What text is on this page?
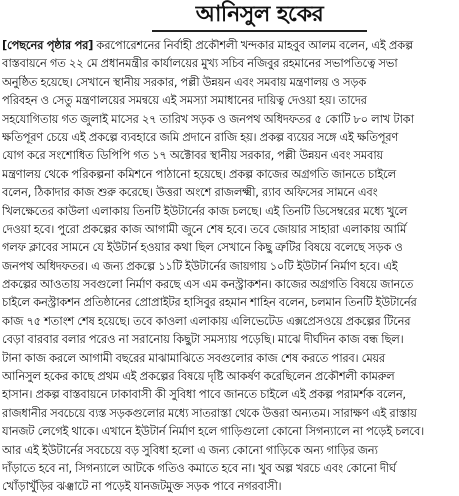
আনিসুল হকের
[পেছনের পৃষ্ঠার পর] করপোরেশনের নির্বাহী প্রকৌশলী খন্দকার মাহবুব আলম বলেন, এই প্রকল্প
বাস্তবায়নে গত ২২ মে প্রধানমন্ত্রীর কার্যালয়ের মুখ্য সচিব নজিবুর রহমানের সভাপতিত্বে সভা
অনুষ্ঠিত হয়েছে। সেখানে স্থানীয় সরকার, পল্লী উন্নয়ন এবং সমবায় মন্ত্রণালয় ও সড়ক
পরিবহন ও সেতু মন্ত্রণালয়ের সমন্বয়ে এই সমস্যা সমাধানের দায়িত্ব দেওয়া হয়। তাদের
সহযোগিতায় গত জুলাই মাসের ২৭ তারিখ সড়ক ও জনপথ অধিদফতর ৫ কোটি ৮০ লাখ টাকা
ক্ষতিপূরণ চেয়ে এই প্রকল্পে ব্যবহারে জমি প্রদানে রাজি হয়। প্রকল্প ব্যয়ের সঙ্গে এই ক্ষতিপূরণ
যোগ করে সংশোধিত ডিপিপি গত ১৭ অক্টোবর স্থানীয় সরকার, পল্লী উন্নয়ন এবং সমবায়
মন্ত্রণালয় থেকে পরিকল্পনা কমিশনে পাঠানো হয়েছে। প্রকল্প কাজের অগ্রগতি জানতে চাইলে
বলেন, ঠিকাদার কাজ শুরু করেছে। উত্তরা অংশে রাজলক্ষ্মী, র‌্যাব অফিসের সামনে এবং
খিলক্ষেতের কাউলা এলাকায় তিনটি ইউটার্নের কাজ চলছে। এই তিনটি ডিসেম্বরের মধ্যে খুলে
দেওয়া হবে। পুরো প্রকল্পের কাজ আগামী জুনে শেষ হবে। তবে জোয়ার সাহারা এলাকায় আর্মি
গলফ ক্লাবের সামনে যে ইউটার্ন হওয়ার কথা ছিল সেখানে কিছু ত্রুটির বিষয়ে বলেছে সড়ক ও
জনপথ অধিদফতর। এ জন্য প্রকল্পে ১১টি ইউটার্নের জায়গায় ১০টি ইউটার্ন নির্মাণ হবে। এই
প্রকল্পের আওতায় সবগুলো নির্মাণ করছে এস এম কনস্ট্রাকশন। কাজের অগ্রগতি বিষয়ে জানতে
চাইলে কনস্ট্রাকশন প্রতিষ্ঠানের প্রোপ্রাইটর হাসিবুর রহমান শাহিন বলেন, চলমান তিনটি ইউটার্নের
কাজ ৭৫ শতাংশ শেষ হয়েছে। তবে কাওলা এলাকায় এলিভেটেড এক্সপ্রেসওয়ে প্রকল্পের টিনের
বেড়া বারবার বলার পরেও না সরানোয় কিছুটা সমস্যায় পড়েছি। মাঝে দীর্ঘদিন কাজ বন্ধ ছিল।
টানা কাজ করলে আগামী বছরের মাঝামাঝিতে সবগুলোর কাজ শেষ করতে পারব। মেয়র
আনিসুল হকের কাছে প্রথম এই প্রকল্পের বিষয়ে দৃষ্টি আকর্ষণ করেছিলেন প্রকৌশলী কামরুল
হাসান। প্রকল্প বাস্তবায়নে ঢাকাবাসী কী সুবিধা পাবে জানতে চাইলে এই প্রকল্প পরামর্শক বলেন,
রাজধানীর সবচেয়ে ব্যস্ত সড়কগুলোর মধ্যে সাতরাস্তা থেকে উত্তরা অন্যতম। সারাক্ষণ এই রাস্তায়
যানজট লেগেই থাকে। এখানে ইউটার্ন নির্মাণ হলে গাড়িগুলো কোনো সিগন্যালে না পড়েই চলবে।
আর এই ইউটার্নের সবচেয়ে বড় সুবিধা হলো এ জন্য কোনো গাড়িকে অন্য গাড়ির জন্য
দাঁড়াতে হবে না, সিগন্যালে আটকে গতিও কমাতে হবে না। খুব অল্প খরচে এবং কোনো দীর্ঘ
খোঁড়াখুঁড়ির ঝঞ্ঝাটে না পড়েই যানজটমুক্ত সড়ক পাবে নগরবাসী।
